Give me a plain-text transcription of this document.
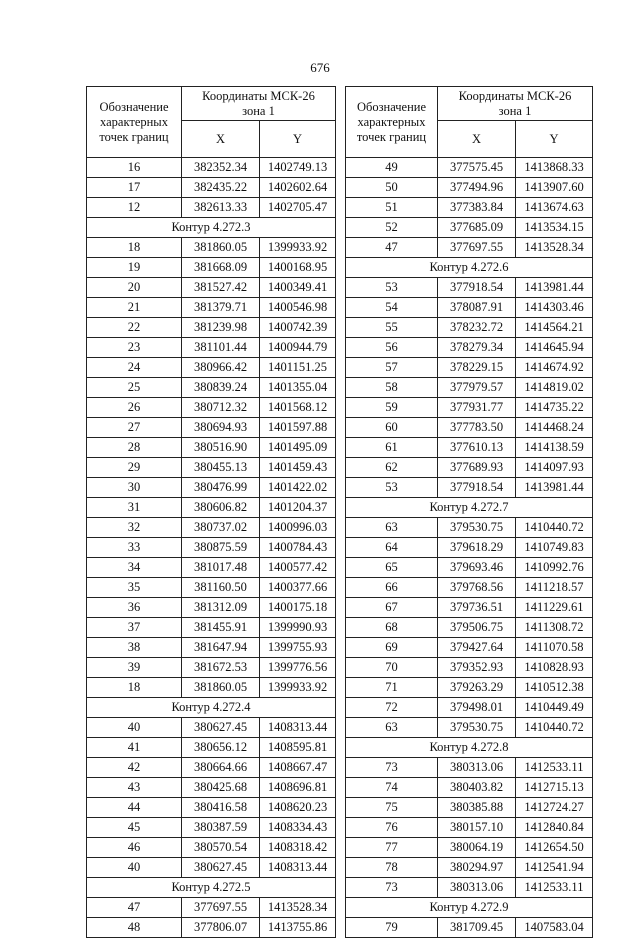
676
Обозначение характерных точек границ	Координаты МСК-26
зона 1	
	X	Y
16	382352.34	1402749.13
17	382435.22	1402602.64
12	382613.33	1402705.47
Контур 4.272.3		
18	381860.05	1399933.92
19	381668.09	1400168.95
20	381527.42	1400349.41
21	381379.71	1400546.98
22	381239.98	1400742.39
23	381101.44	1400944.79
24	380966.42	1401151.25
25	380839.24	1401355.04
26	380712.32	1401568.12
27	380694.93	1401597.88
28	380516.90	1401495.09
29	380455.13	1401459.43
30	380476.99	1401422.02
31	380606.82	1401204.37
32	380737.02	1400996.03
33	380875.59	1400784.43
34	381017.48	1400577.42
35	381160.50	1400377.66
36	381312.09	1400175.18
37	381455.91	1399990.93
38	381647.94	1399755.93
39	381672.53	1399776.56
18	381860.05	1399933.92
Контур 4.272.4		
40	380627.45	1408313.44
41	380656.12	1408595.81
42	380664.66	1408667.47
43	380425.68	1408696.81
44	380416.58	1408620.23
45	380387.59	1408334.43
46	380570.54	1408318.42
40	380627.45	1408313.44
Контур 4.272.5		
47	377697.55	1413528.34
48	377806.07	1413755.86
Обозначение характерных точек границ	Координаты МСК-26
зона 1	
	X	Y
49	377575.45	1413868.33
50	377494.96	1413907.60
51	377383.84	1413674.63
52	377685.09	1413534.15
47	377697.55	1413528.34
Контур 4.272.6		
53	377918.54	1413981.44
54	378087.91	1414303.46
55	378232.72	1414564.21
56	378279.34	1414645.94
57	378229.15	1414674.92
58	377979.57	1414819.02
59	377931.77	1414735.22
60	377783.50	1414468.24
61	377610.13	1414138.59
62	377689.93	1414097.93
53	377918.54	1413981.44
Контур 4.272.7		
63	379530.75	1410440.72
64	379618.29	1410749.83
65	379693.46	1410992.76
66	379768.56	1411218.57
67	379736.51	1411229.61
68	379506.75	1411308.72
69	379427.64	1411070.58
70	379352.93	1410828.93
71	379263.29	1410512.38
72	379498.01	1410449.49
63	379530.75	1410440.72
Контур 4.272.8		
73	380313.06	1412533.11
74	380403.82	1412715.13
75	380385.88	1412724.27
76	380157.10	1412840.84
77	380064.19	1412654.50
78	380294.97	1412541.94
73	380313.06	1412533.11
Контур 4.272.9		
79	381709.45	1407583.04
